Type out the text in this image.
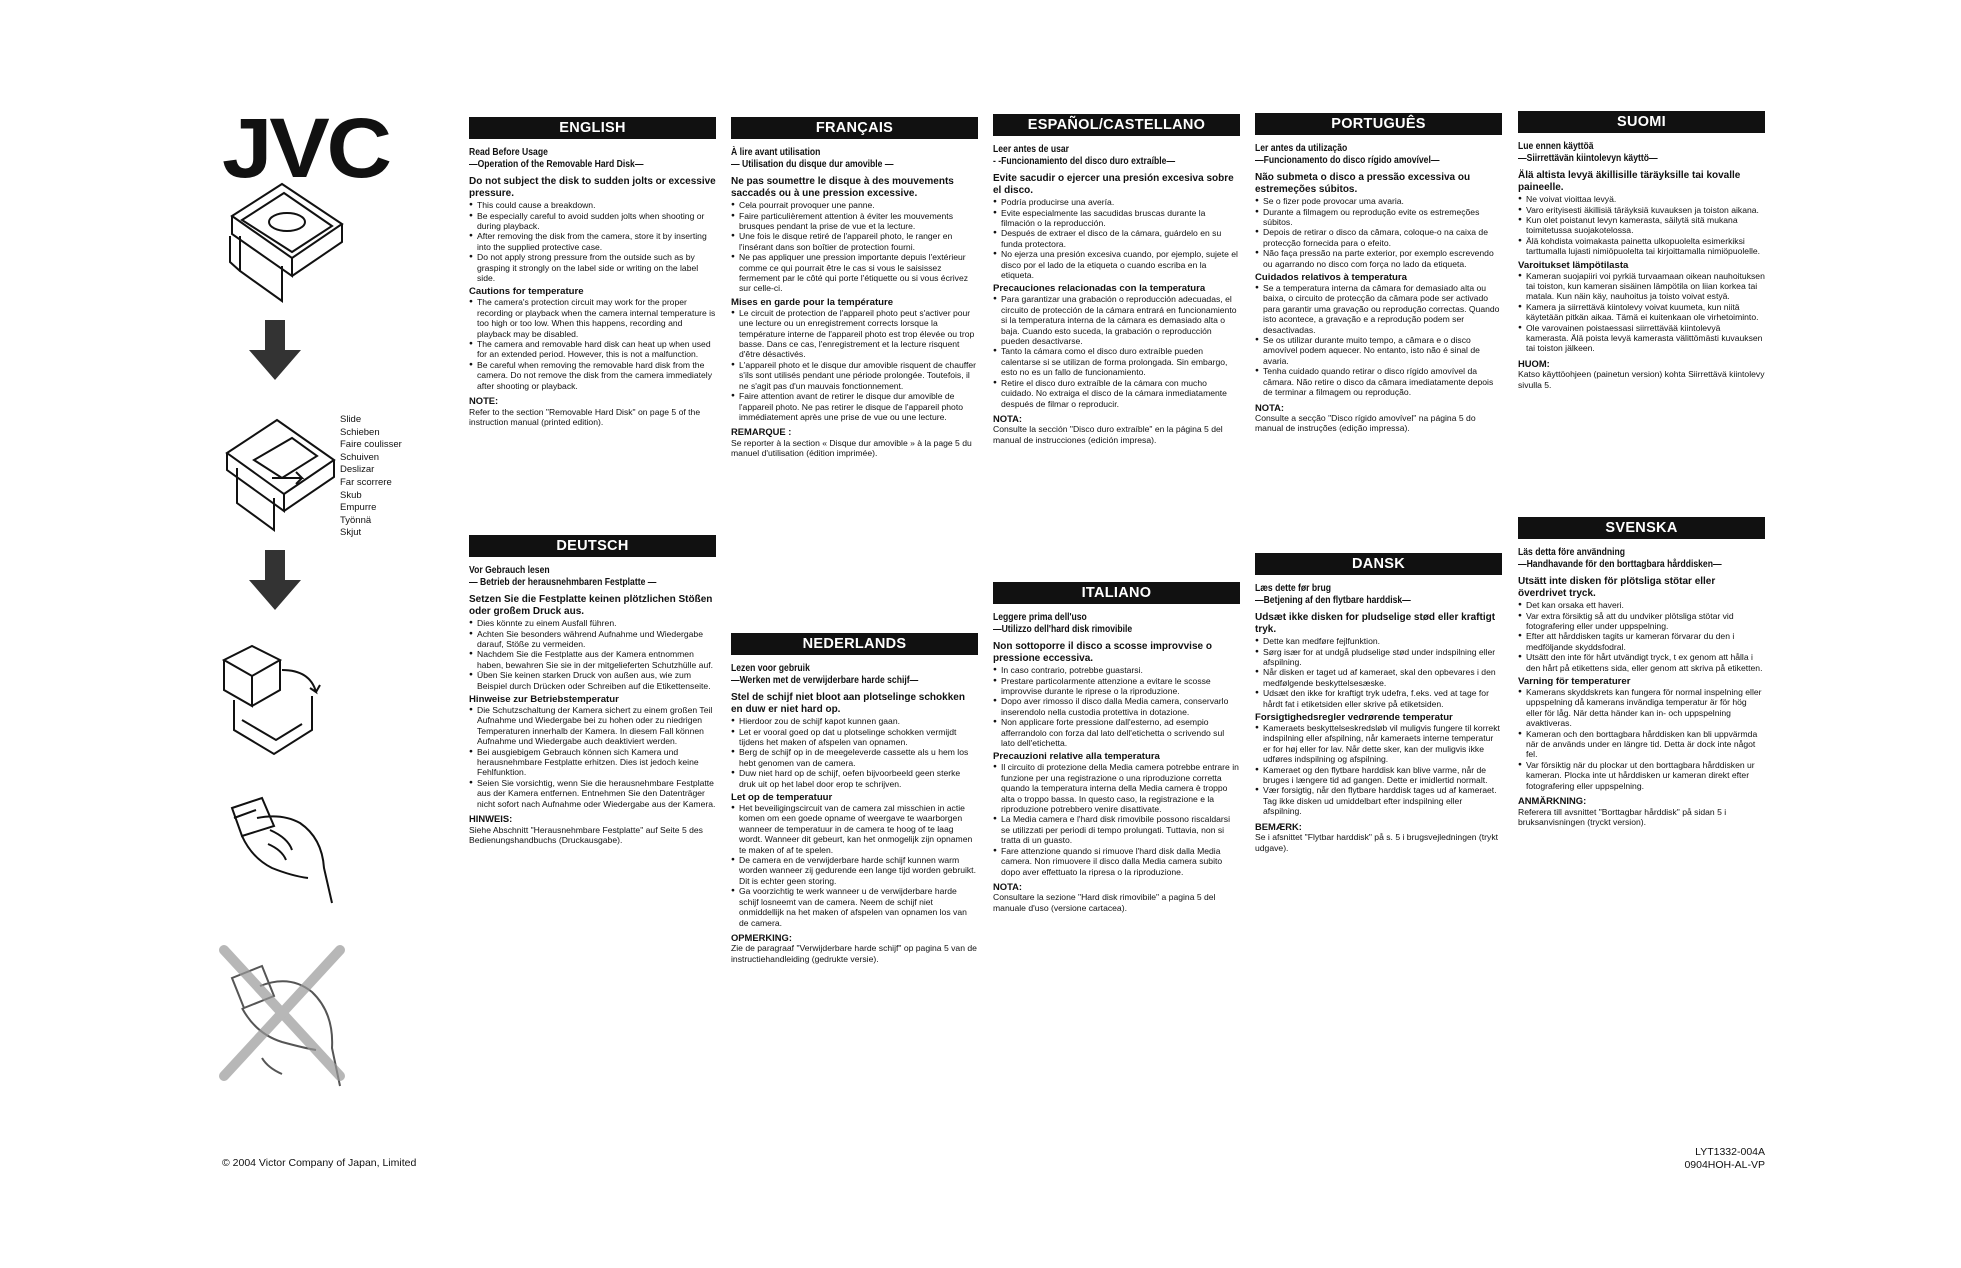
JVC
Slide
Schieben
Faire coulisser
Schuiven
Deslizar
Far scorrere
Skub
Empurre
Työnnä
Skjut
ENGLISH
Read Before Usage
—Operation of the Removable Hard Disk—
Do not subject the disk to sudden jolts or excessive pressure.
● This could cause a breakdown.
● Be especially careful to avoid sudden jolts when shooting or during playback.
● After removing the disk from the camera, store it by inserting into the supplied protective case.
● Do not apply strong pressure from the outside such as by grasping it strongly on the label side or writing on the label side.
Cautions for temperature
● The camera's protection circuit may work for the proper recording or playback when the camera internal temperature is too high or too low. When this happens, recording and playback may be disabled.
● The camera and removable hard disk can heat up when used for an extended period. However, this is not a malfunction.
● Be careful when removing the removable hard disk from the camera. Do not remove the disk from the camera immediately after shooting or playback.
NOTE:
Refer to the section "Removable Hard Disk" on page 5 of the instruction manual (printed edition).
DEUTSCH
Vor Gebrauch lesen
— Betrieb der herausnehmbaren Festplatte —
Setzen Sie die Festplatte keinen plötzlichen Stößen oder großem Druck aus.
● Dies könnte zu einem Ausfall führen.
● Achten Sie besonders während Aufnahme und Wiedergabe darauf, Stöße zu vermeiden.
● Nachdem Sie die Festplatte aus der Kamera entnommen haben, bewahren Sie sie in der mitgelieferten Schutzhülle auf.
● Üben Sie keinen starken Druck von außen aus, wie zum Beispiel durch Drücken oder Schreiben auf die Etikettenseite.
Hinweise zur Betriebstemperatur
● Die Schutzschaltung der Kamera sichert zu einem großen Teil Aufnahme und Wiedergabe bei zu hohen oder zu niedrigen Temperaturen innerhalb der Kamera. In diesem Fall können Aufnahme und Wiedergabe auch deaktiviert werden.
● Bei ausgiebigem Gebrauch können sich Kamera und herausnehmbare Festplatte erhitzen. Dies ist jedoch keine Fehlfunktion.
● Seien Sie vorsichtig, wenn Sie die herausnehmbare Festplatte aus der Kamera entfernen. Entnehmen Sie den Datenträger nicht sofort nach Aufnahme oder Wiedergabe aus der Kamera.
HINWEIS:
Siehe Abschnitt "Herausnehmbare Festplatte" auf Seite 5 des Bedienungshandbuchs (Druckausgabe).
FRANÇAIS
À lire avant utilisation
— Utilisation du disque dur amovible —
Ne pas soumettre le disque à des mouvements saccadés ou à une pression excessive.
● Cela pourrait provoquer une panne.
● Faire particulièrement attention à éviter les mouvements brusques pendant la prise de vue et la lecture.
● Une fois le disque retiré de l'appareil photo, le ranger en l'insérant dans son boîtier de protection fourni.
● Ne pas appliquer une pression importante depuis l'extérieur comme ce qui pourrait être le cas si vous le saisissez fermement par le côté qui porte l'étiquette ou si vous écrivez sur celle-ci.
Mises en garde pour la température
● Le circuit de protection de l'appareil photo peut s'activer pour une lecture ou un enregistrement corrects lorsque la température interne de l'appareil photo est trop élevée ou trop basse. Dans ce cas, l'enregistrement et la lecture risquent d'être désactivés.
● L'appareil photo et le disque dur amovible risquent de chauffer s'ils sont utilisés pendant une période prolongée. Toutefois, il ne s'agit pas d'un mauvais fonctionnement.
● Faire attention avant de retirer le disque dur amovible de l'appareil photo. Ne pas retirer le disque de l'appareil photo immédiatement après une prise de vue ou une lecture.
REMARQUE :
Se reporter à la section « Disque dur amovible » à la page 5 du manuel d'utilisation (édition imprimée).
NEDERLANDS
Lezen voor gebruik
—Werken met de verwijderbare harde schijf—
Stel de schijf niet bloot aan plotselinge schokken en duw er niet hard op.
● Hierdoor zou de schijf kapot kunnen gaan.
● Let er vooral goed op dat u plotselinge schokken vermijdt tijdens het maken of afspelen van opnamen.
● Berg de schijf op in de meegeleverde cassette als u hem los hebt genomen van de camera.
● Duw niet hard op de schijf, oefen bijvoorbeeld geen sterke druk uit op het label door erop te schrijven.
Let op de temperatuur
● Het beveiligingscircuit van de camera zal misschien in actie komen om een goede opname of weergave te waarborgen wanneer de temperatuur in de camera te hoog of te laag wordt. Wanneer dit gebeurt, kan het onmogelijk zijn opnamen te maken of af te spelen.
● De camera en de verwijderbare harde schijf kunnen warm worden wanneer zij gedurende een lange tijd worden gebruikt. Dit is echter geen storing.
● Ga voorzichtig te werk wanneer u de verwijderbare harde schijf losneemt van de camera. Neem de schijf niet onmiddellijk na het maken of afspelen van opnamen los van de camera.
OPMERKING:
Zie de paragraaf "Verwijderbare harde schijf" op pagina 5 van de instructiehandleiding (gedrukte versie).
ESPAÑOL/CASTELLANO
Leer antes de usar
- -Funcionamiento del disco duro extraíble—
Evite sacudir o ejercer una presión excesiva sobre el disco.
● Podría producirse una avería.
● Evite especialmente las sacudidas bruscas durante la filmación o la reproducción.
● Después de extraer el disco de la cámara, guárdelo en su funda protectora.
● No ejerza una presión excesiva cuando, por ejemplo, sujete el disco por el lado de la etiqueta o cuando escriba en la etiqueta.
Precauciones relacionadas con la temperatura
● Para garantizar una grabación o reproducción adecuadas, el circuito de protección de la cámara entrará en funcionamiento si la temperatura interna de la cámara es demasiado alta o baja. Cuando esto suceda, la grabación o reproducción pueden desactivarse.
● Tanto la cámara como el disco duro extraíble pueden calentarse si se utilizan de forma prolongada. Sin embargo, esto no es un fallo de funcionamiento.
● Retire el disco duro extraíble de la cámara con mucho cuidado. No extraiga el disco de la cámara inmediatamente después de filmar o reproducir.
NOTA:
Consulte la sección "Disco duro extraíble" en la página 5 del manual de instrucciones (edición impresa).
ITALIANO
Leggere prima dell'uso
—Utilizzo dell'hard disk rimovibile
Non sottoporre il disco a scosse improvvise o pressione eccessiva.
● In caso contrario, potrebbe guastarsi.
● Prestare particolarmente attenzione a evitare le scosse improvvise durante le riprese o la riproduzione.
● Dopo aver rimosso il disco dalla Media camera, conservarlo inserendolo nella custodia protettiva in dotazione.
● Non applicare forte pressione dall'esterno, ad esempio afferrandolo con forza dal lato dell'etichetta o scrivendo sul lato dell'etichetta.
Precauzioni relative alla temperatura
● Il circuito di protezione della Media camera potrebbe entrare in funzione per una registrazione o una riproduzione corretta quando la temperatura interna della Media camera è troppo alta o troppo bassa. In questo caso, la registrazione e la riproduzione potrebbero venire disattivate.
● La Media camera e l'hard disk rimovibile possono riscaldarsi se utilizzati per periodi di tempo prolungati. Tuttavia, non si tratta di un guasto.
● Fare attenzione quando si rimuove l'hard disk dalla Media camera. Non rimuovere il disco dalla Media camera subito dopo aver effettuato la ripresa o la riproduzione.
NOTA:
Consultare la sezione "Hard disk rimovibile" a pagina 5 del manuale d'uso (versione cartacea).
PORTUGUÊS
Ler antes da utilização
—Funcionamento do disco rígido amovível—
Não submeta o disco a pressão excessiva ou estremeções súbitos.
● Se o fizer pode provocar uma avaria.
● Durante a filmagem ou reprodução evite os estremeções súbitos.
● Depois de retirar o disco da câmara, coloque-o na caixa de protecção fornecida para o efeito.
● Não faça pressão na parte exterior, por exemplo escrevendo ou agarrando no disco com força no lado da etiqueta.
Cuidados relativos à temperatura
● Se a temperatura interna da câmara for demasiado alta ou baixa, o circuito de protecção da câmara pode ser activado para garantir uma gravação ou reprodução correctas. Quando isto acontece, a gravação e a reprodução podem ser desactivadas.
● Se os utilizar durante muito tempo, a câmara e o disco amovível podem aquecer. No entanto, isto não é sinal de avaria.
● Tenha cuidado quando retirar o disco rígido amovível da câmara. Não retire o disco da câmara imediatamente depois de terminar a filmagem ou reprodução.
NOTA:
Consulte a secção "Disco rígido amovível" na página 5 do manual de instruções (edição impressa).
DANSK
Læs dette før brug
—Betjening af den flytbare harddisk—
Udsæt ikke disken for pludselige stød eller kraftigt tryk.
● Dette kan medføre fejlfunktion.
● Sørg især for at undgå pludselige stød under indspilning eller afspilning.
● Når disken er taget ud af kameraet, skal den opbevares i den medfølgende beskyttelsesæske.
● Udsæt den ikke for kraftigt tryk udefra, f.eks. ved at tage for hårdt fat i etiketsiden eller skrive på etiketsiden.
Forsigtighedsregler vedrørende temperatur
● Kameraets beskyttelseskredsløb vil muligvis fungere til korrekt indspilning eller afspilning, når kameraets interne temperatur er for høj eller for lav. Når dette sker, kan der muligvis ikke udføres indspilning og afspilning.
● Kameraet og den flytbare harddisk kan blive varme, når de bruges i længere tid ad gangen. Dette er imidlertid normalt.
● Vær forsigtig, når den flytbare harddisk tages ud af kameraet. Tag ikke disken ud umiddelbart efter indspilning eller afspilning.
BEMÆRK:
Se i afsnittet "Flytbar harddisk" på s. 5 i brugsvejledningen (trykt udgave).
SUOMI
Lue ennen käyttöä
—Siirrettävän kiintolevyn käyttö—
Älä altista levyä äkillisille täräyksille tai kovalle paineelle.
● Ne voivat vioittaa levyä.
● Varo erityisesti äkillisiä täräyksiä kuvauksen ja toiston aikana.
● Kun olet poistanut levyn kamerasta, säilytä sitä mukana toimitetussa suojakotelossa.
● Älä kohdista voimakasta painetta ulkopuolelta esimerkiksi tarttumalla lujasti nimiöpuolelta tai kirjoittamalla nimiöpuolelle.
Varoitukset lämpötilasta
● Kameran suojapiiri voi pyrkiä turvaamaan oikean nauhoituksen tai toiston, kun kameran sisäinen lämpötila on liian korkea tai matala. Kun näin käy, nauhoitus ja toisto voivat estyä.
● Kamera ja siirrettävä kiintolevy voivat kuumeta, kun niitä käytetään pitkän aikaa. Tämä ei kuitenkaan ole virhetoiminto.
● Ole varovainen poistaessasi siirrettävää kiintolevyä kamerasta. Älä poista levyä kamerasta välittömästi kuvauksen tai toiston jälkeen.
HUOM:
Katso käyttöohjeen (painetun version) kohta Siirrettävä kiintolevy sivulla 5.
SVENSKA
Läs detta före användning
—Handhavande för den borttagbara hårddisken—
Utsätt inte disken för plötsliga stötar eller överdrivet tryck.
● Det kan orsaka ett haveri.
● Var extra försiktig så att du undviker plötsliga stötar vid fotografering eller under uppspelning.
● Efter att hårddisken tagits ur kameran förvarar du den i medföljande skyddsfodral.
● Utsätt den inte för hårt utvändigt tryck, t ex genom att hålla i den hårt på etikettens sida, eller genom att skriva på etiketten.
Varning för temperaturer
● Kamerans skyddskrets kan fungera för normal inspelning eller uppspelning då kamerans invändiga temperatur är för hög eller för låg. När detta händer kan in- och uppspelning avaktiveras.
● Kameran och den borttagbara hårddisken kan bli uppvärmda när de används under en längre tid. Detta är dock inte något fel.
● Var försiktig när du plockar ut den borttagbara hårddisken ur kameran. Plocka inte ut hårddisken ur kameran direkt efter fotografering eller uppspelning.
ANMÄRKNING:
Referera till avsnittet "Borttagbar hårddisk" på sidan 5 i bruksanvisningen (tryckt version).
© 2004 Victor Company of Japan, Limited
LYT1332-004A
0904HOH-AL-VP
